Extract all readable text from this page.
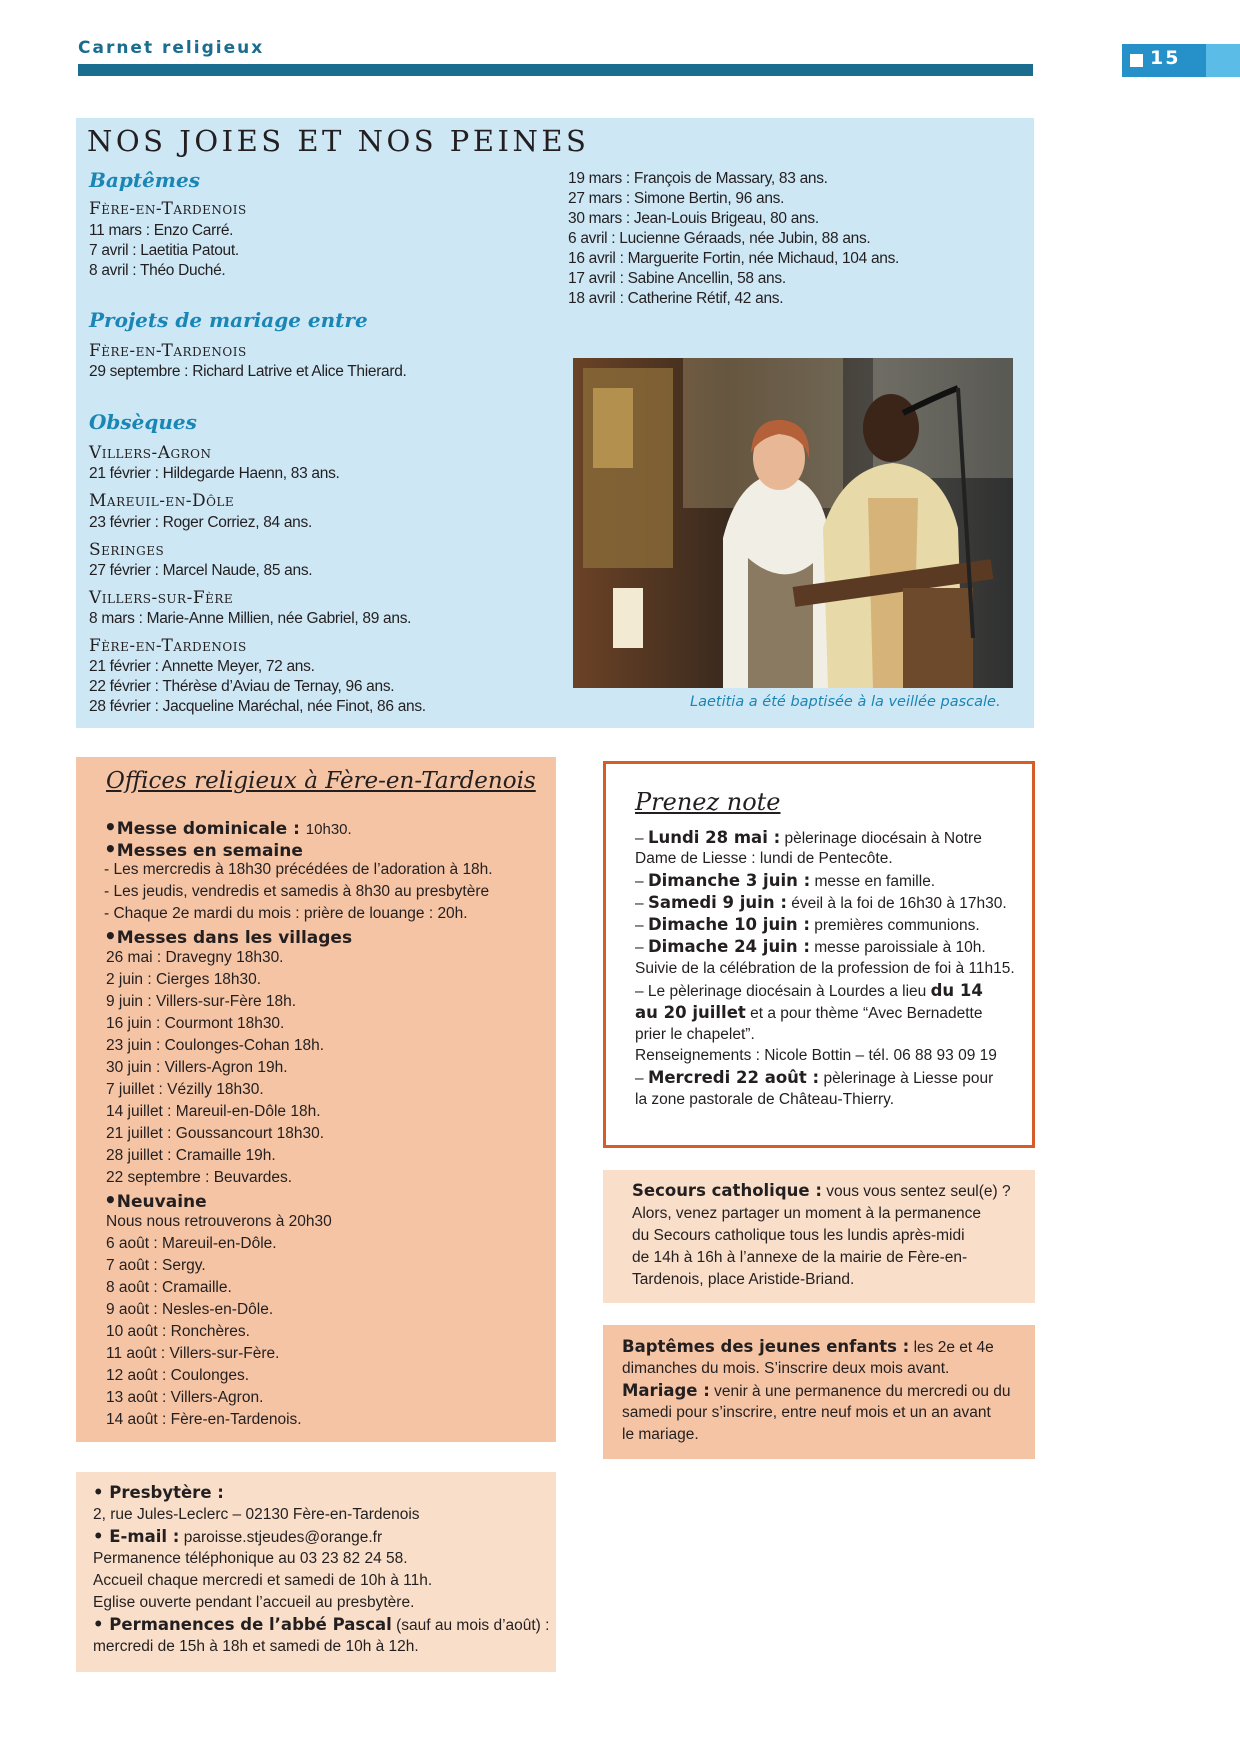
Carnet religieux	15
NOS JOIES ET NOS PEINES
Baptêmes
Fère-en-Tardenois
11 mars : Enzo Carré.
7 avril : Laetitia Patout.
8 avril : Théo Duché.
Projets de mariage entre
Fère-en-Tardenois
29 septembre : Richard Latrive et Alice Thierard.
Obsèques
Villers-Agron
21 février : Hildegarde Haenn, 83 ans.
Mareuil-en-Dôle
23 février : Roger Corriez, 84 ans.
Seringes
27 février : Marcel Naude, 85 ans.
Villers-sur-Fère
8 mars : Marie-Anne Millien, née Gabriel, 89 ans.
Fère-en-Tardenois
21 février : Annette Meyer, 72 ans.
22 février : Thérèse d’Aviau de Ternay, 96 ans.
28 février : Jacqueline Maréchal, née Finot, 86 ans.
19 mars : François de Massary, 83 ans.
27 mars : Simone Bertin, 96 ans.
30 mars : Jean-Louis Brigeau, 80 ans.
6 avril : Lucienne Géraads, née Jubin, 88 ans.
16 avril : Marguerite Fortin, née Michaud, 104 ans.
17 avril : Sabine Ancellin, 58 ans.
18 avril : Catherine Rétif, 42 ans.
Laetitia a été baptisée à la veillée pascale.
Offices religieux à Fère-en-Tardenois
•Messe dominicale : 10h30.
•Messes en semaine
- Les mercredis à 18h30 précédées de l’adoration à 18h.
- Les jeudis, vendredis et samedis à 8h30 au presbytère
- Chaque 2e mardi du mois : prière de louange : 20h.
•Messes dans les villages
26 mai : Dravegny 18h30.
2 juin : Cierges 18h30.
9 juin : Villers-sur-Fère 18h.
16 juin : Courmont 18h30.
23 juin : Coulonges-Cohan 18h.
30 juin : Villers-Agron 19h.
7 juillet : Vézilly 18h30.
14 juillet : Mareuil-en-Dôle 18h.
21 juillet : Goussancourt 18h30.
28 juillet : Cramaille 19h.
22 septembre : Beuvardes.
•Neuvaine
Nous nous retrouverons à 20h30
6 août : Mareuil-en-Dôle.
7 août : Sergy.
8 août : Cramaille.
9 août : Nesles-en-Dôle.
10 août : Ronchères.
11 août : Villers-sur-Fère.
12 août : Coulonges.
13 août : Villers-Agron.
14 août : Fère-en-Tardenois.
Prenez note
– Lundi 28 mai : pèlerinage diocésain à Notre
Dame de Liesse : lundi de Pentecôte.
– Dimanche 3 juin : messe en famille.
– Samedi 9 juin : éveil à la foi de 16h30 à 17h30.
– Dimache 10 juin : premières communions.
– Dimache 24 juin : messe paroissiale à 10h.
Suivie de la célébration de la profession de foi à 11h15.
– Le pèlerinage diocésain à Lourdes a lieu du 14
au 20 juillet et a pour thème “Avec Bernadette
prier le chapelet”.
Renseignements : Nicole Bottin – tél. 06 88 93 09 19
– Mercredi 22 août : pèlerinage à Liesse pour
la zone pastorale de Château-Thierry.
Secours catholique : vous vous sentez seul(e) ?
Alors, venez partager un moment à la permanence
du Secours catholique tous les lundis après-midi
de 14h à 16h à l’annexe de la mairie de Fère-en-
Tardenois, place Aristide-Briand.
Baptêmes des jeunes enfants : les 2e et 4e
dimanches du mois. S’inscrire deux mois avant.
Mariage : venir à une permanence du mercredi ou du
samedi pour s’inscrire, entre neuf mois et un an avant
le mariage.
• Presbytère :
2, rue Jules-Leclerc – 02130 Fère-en-Tardenois
• E-mail : paroisse.stjeudes@orange.fr
Permanence téléphonique au 03 23 82 24 58.
Accueil chaque mercredi et samedi de 10h à 11h.
Eglise ouverte pendant l’accueil au presbytère.
• Permanences de l’abbé Pascal (sauf au mois d’août) :
mercredi de 15h à 18h et samedi de 10h à 12h.
